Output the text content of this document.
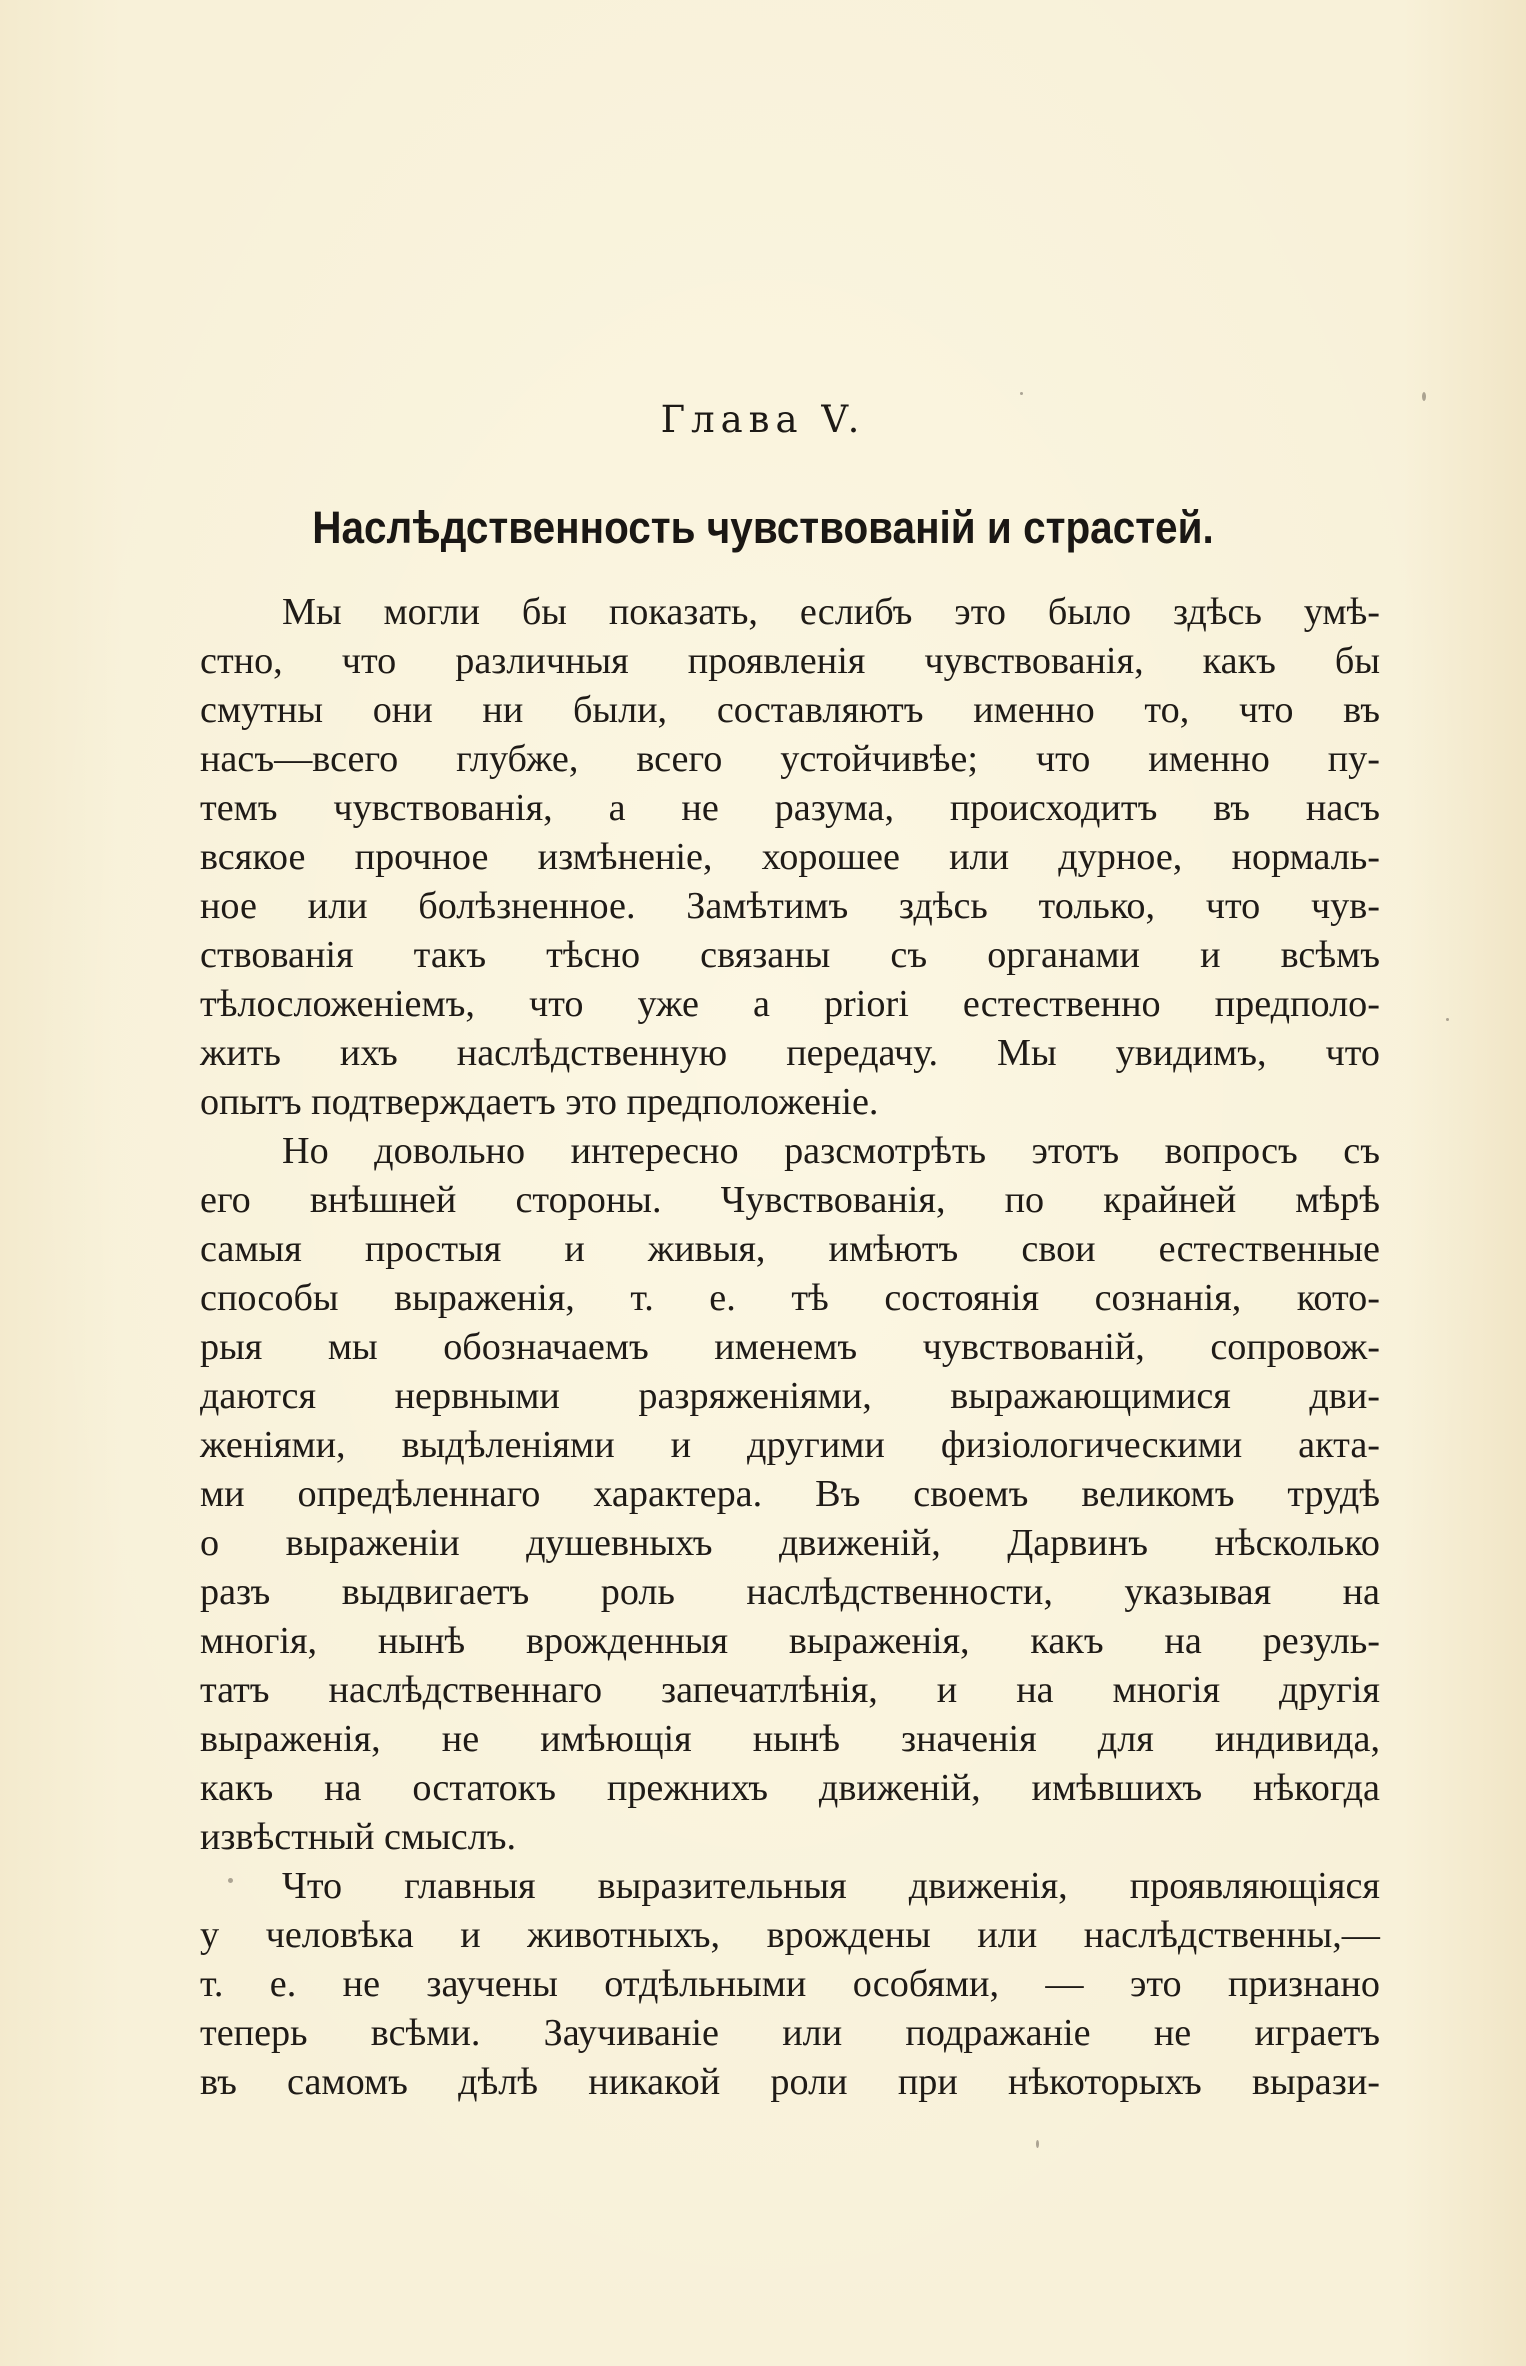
Глава V.
Наслѣдственность чувствованій и страстей.

Мы могли бы показать, еслибъ это было здѣсь умѣ-
стно, что различныя проявленія чувствованія, какъ бы
смутны они ни были, составляютъ именно то, что въ
насъ—всего глубже, всего устойчивѣе; что именно пу-
темъ чувствованія, а не разума, происходитъ въ насъ
всякое прочное измѣненіе, хорошее или дурное, нормаль-
ное или болѣзненное. Замѣтимъ здѣсь только, что чув-
ствованія такъ тѣсно связаны съ органами и всѣмъ
тѣлосложеніемъ, что уже a priori естественно предполо-
жить ихъ наслѣдственную передачу. Мы увидимъ, что
опытъ подтверждаетъ это предположеніе.

Но довольно интересно разсмотрѣть этотъ вопросъ съ
его внѣшней стороны. Чувствованія, по крайней мѣрѣ
самыя простыя и живыя, имѣютъ свои естественные
способы выраженія, т. е. тѣ состоянія сознанія, кото-
рыя мы обозначаемъ именемъ чувствованій, сопровож-
даются нервными разряженіями, выражающимися дви-
женіями, выдѣленіями и другими физіологическими акта-
ми опредѣленнаго характера. Въ своемъ великомъ трудѣ
о выраженіи душевныхъ движеній, Дарвинъ нѣсколько
разъ выдвигаетъ роль наслѣдственности, указывая на
многія, нынѣ врожденныя выраженія, какъ на резуль-
татъ наслѣдственнаго запечатлѣнія, и на многія другія
выраженія, не имѣющія нынѣ значенія для индивида,
какъ на остатокъ прежнихъ движеній, имѣвшихъ нѣкогда
извѣстный смыслъ.

Что главныя выразительныя движенія, проявляющіяся
у человѣка и животныхъ, врождены или наслѣдственны,—
т. е. не заучены отдѣльными особями, — это признано
теперь всѣми. Заучиваніе или подражаніе не играетъ
въ самомъ дѣлѣ никакой роли при нѣкоторыхъ вырази-
